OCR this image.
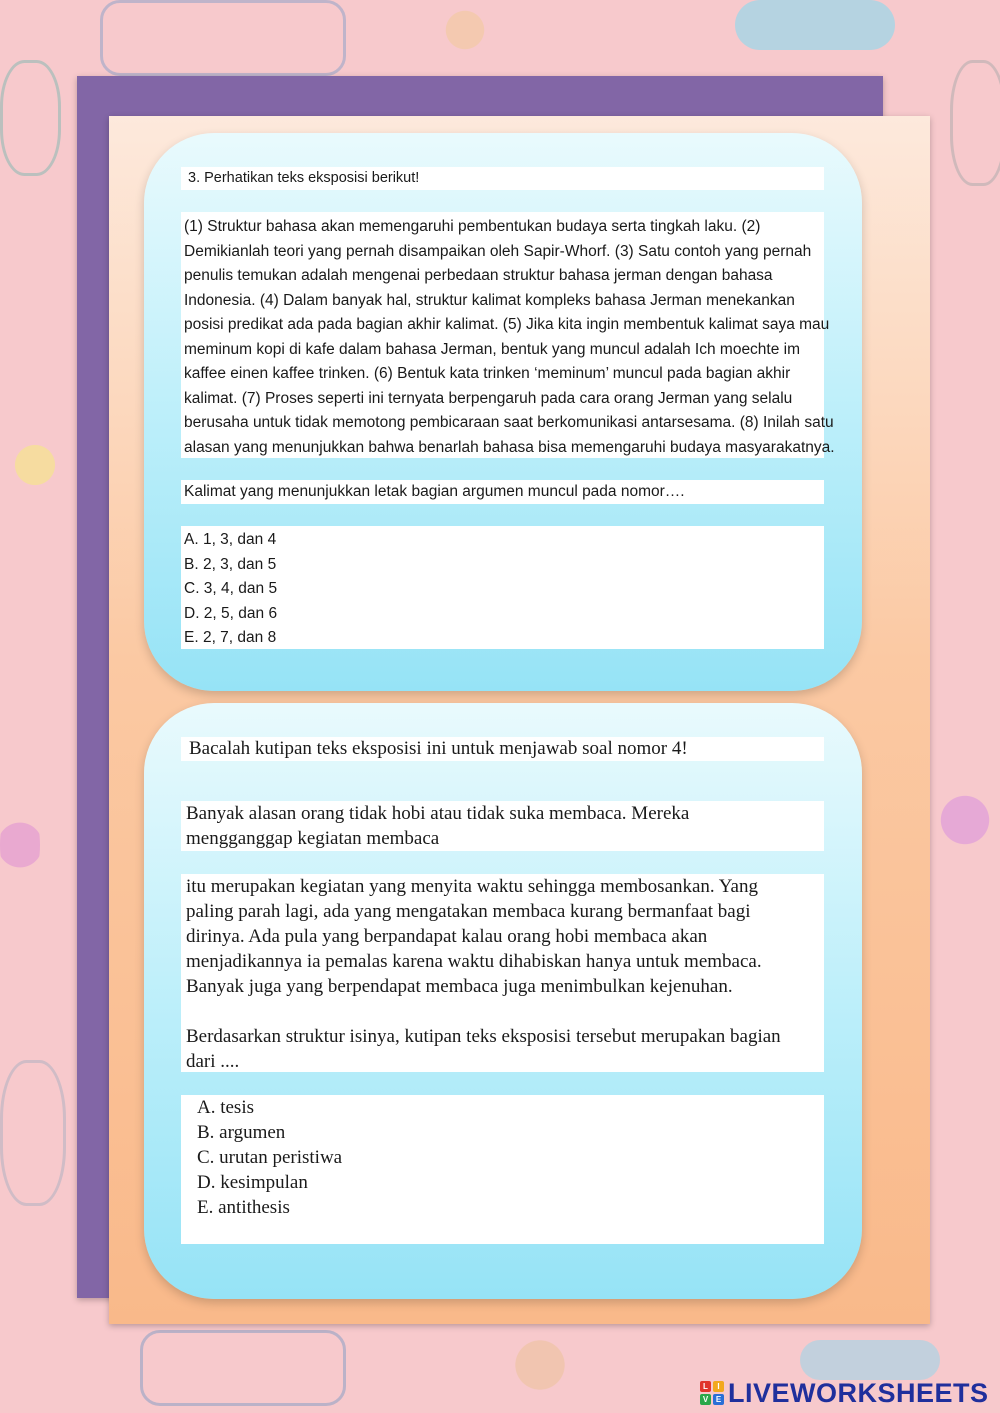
3. Perhatikan teks eksposisi berikut!
(1) Struktur bahasa akan memengaruhi pembentukan budaya serta tingkah laku. (2)
Demikianlah teori yang pernah disampaikan oleh Sapir-Whorf. (3) Satu contoh yang pernah
penulis temukan adalah mengenai perbedaan struktur bahasa jerman dengan bahasa
Indonesia. (4) Dalam banyak hal, struktur kalimat kompleks bahasa Jerman menekankan
posisi predikat ada pada bagian akhir kalimat. (5) Jika kita ingin membentuk kalimat saya mau
meminum kopi di kafe dalam bahasa Jerman, bentuk yang muncul adalah Ich moechte im
kaffee einen kaffee trinken. (6) Bentuk kata trinken ‘meminum’ muncul pada bagian akhir
kalimat. (7) Proses seperti ini ternyata berpengaruh pada cara orang Jerman yang selalu
berusaha untuk tidak memotong pembicaraan saat berkomunikasi antarsesama. (8) Inilah satu
alasan yang menunjukkan bahwa benarlah bahasa bisa memengaruhi budaya masyarakatnya.
Kalimat yang menunjukkan letak bagian argumen muncul pada nomor….
A. 1, 3, dan 4
B. 2, 3, dan 5
C. 3, 4, dan 5
D. 2, 5, dan 6
E. 2, 7, dan 8
Bacalah kutipan teks eksposisi ini untuk menjawab soal nomor 4!
Banyak alasan orang tidak hobi atau tidak suka membaca. Mereka
mengganggap kegiatan membaca
itu merupakan kegiatan yang menyita waktu sehingga membosankan. Yang
paling parah lagi, ada yang mengatakan membaca kurang bermanfaat bagi
dirinya. Ada pula yang berpandapat kalau orang hobi membaca akan
menjadikannya ia pemalas karena waktu dihabiskan hanya untuk membaca.
Banyak juga yang berpendapat membaca juga menimbulkan kejenuhan.

Berdasarkan struktur isinya, kutipan teks eksposisi tersebut merupakan bagian
dari ....
A. tesis
B. argumen
C. urutan peristiwa
D. kesimpulan
E. antithesis
L	I
V E LIVEWORKSHEETS
